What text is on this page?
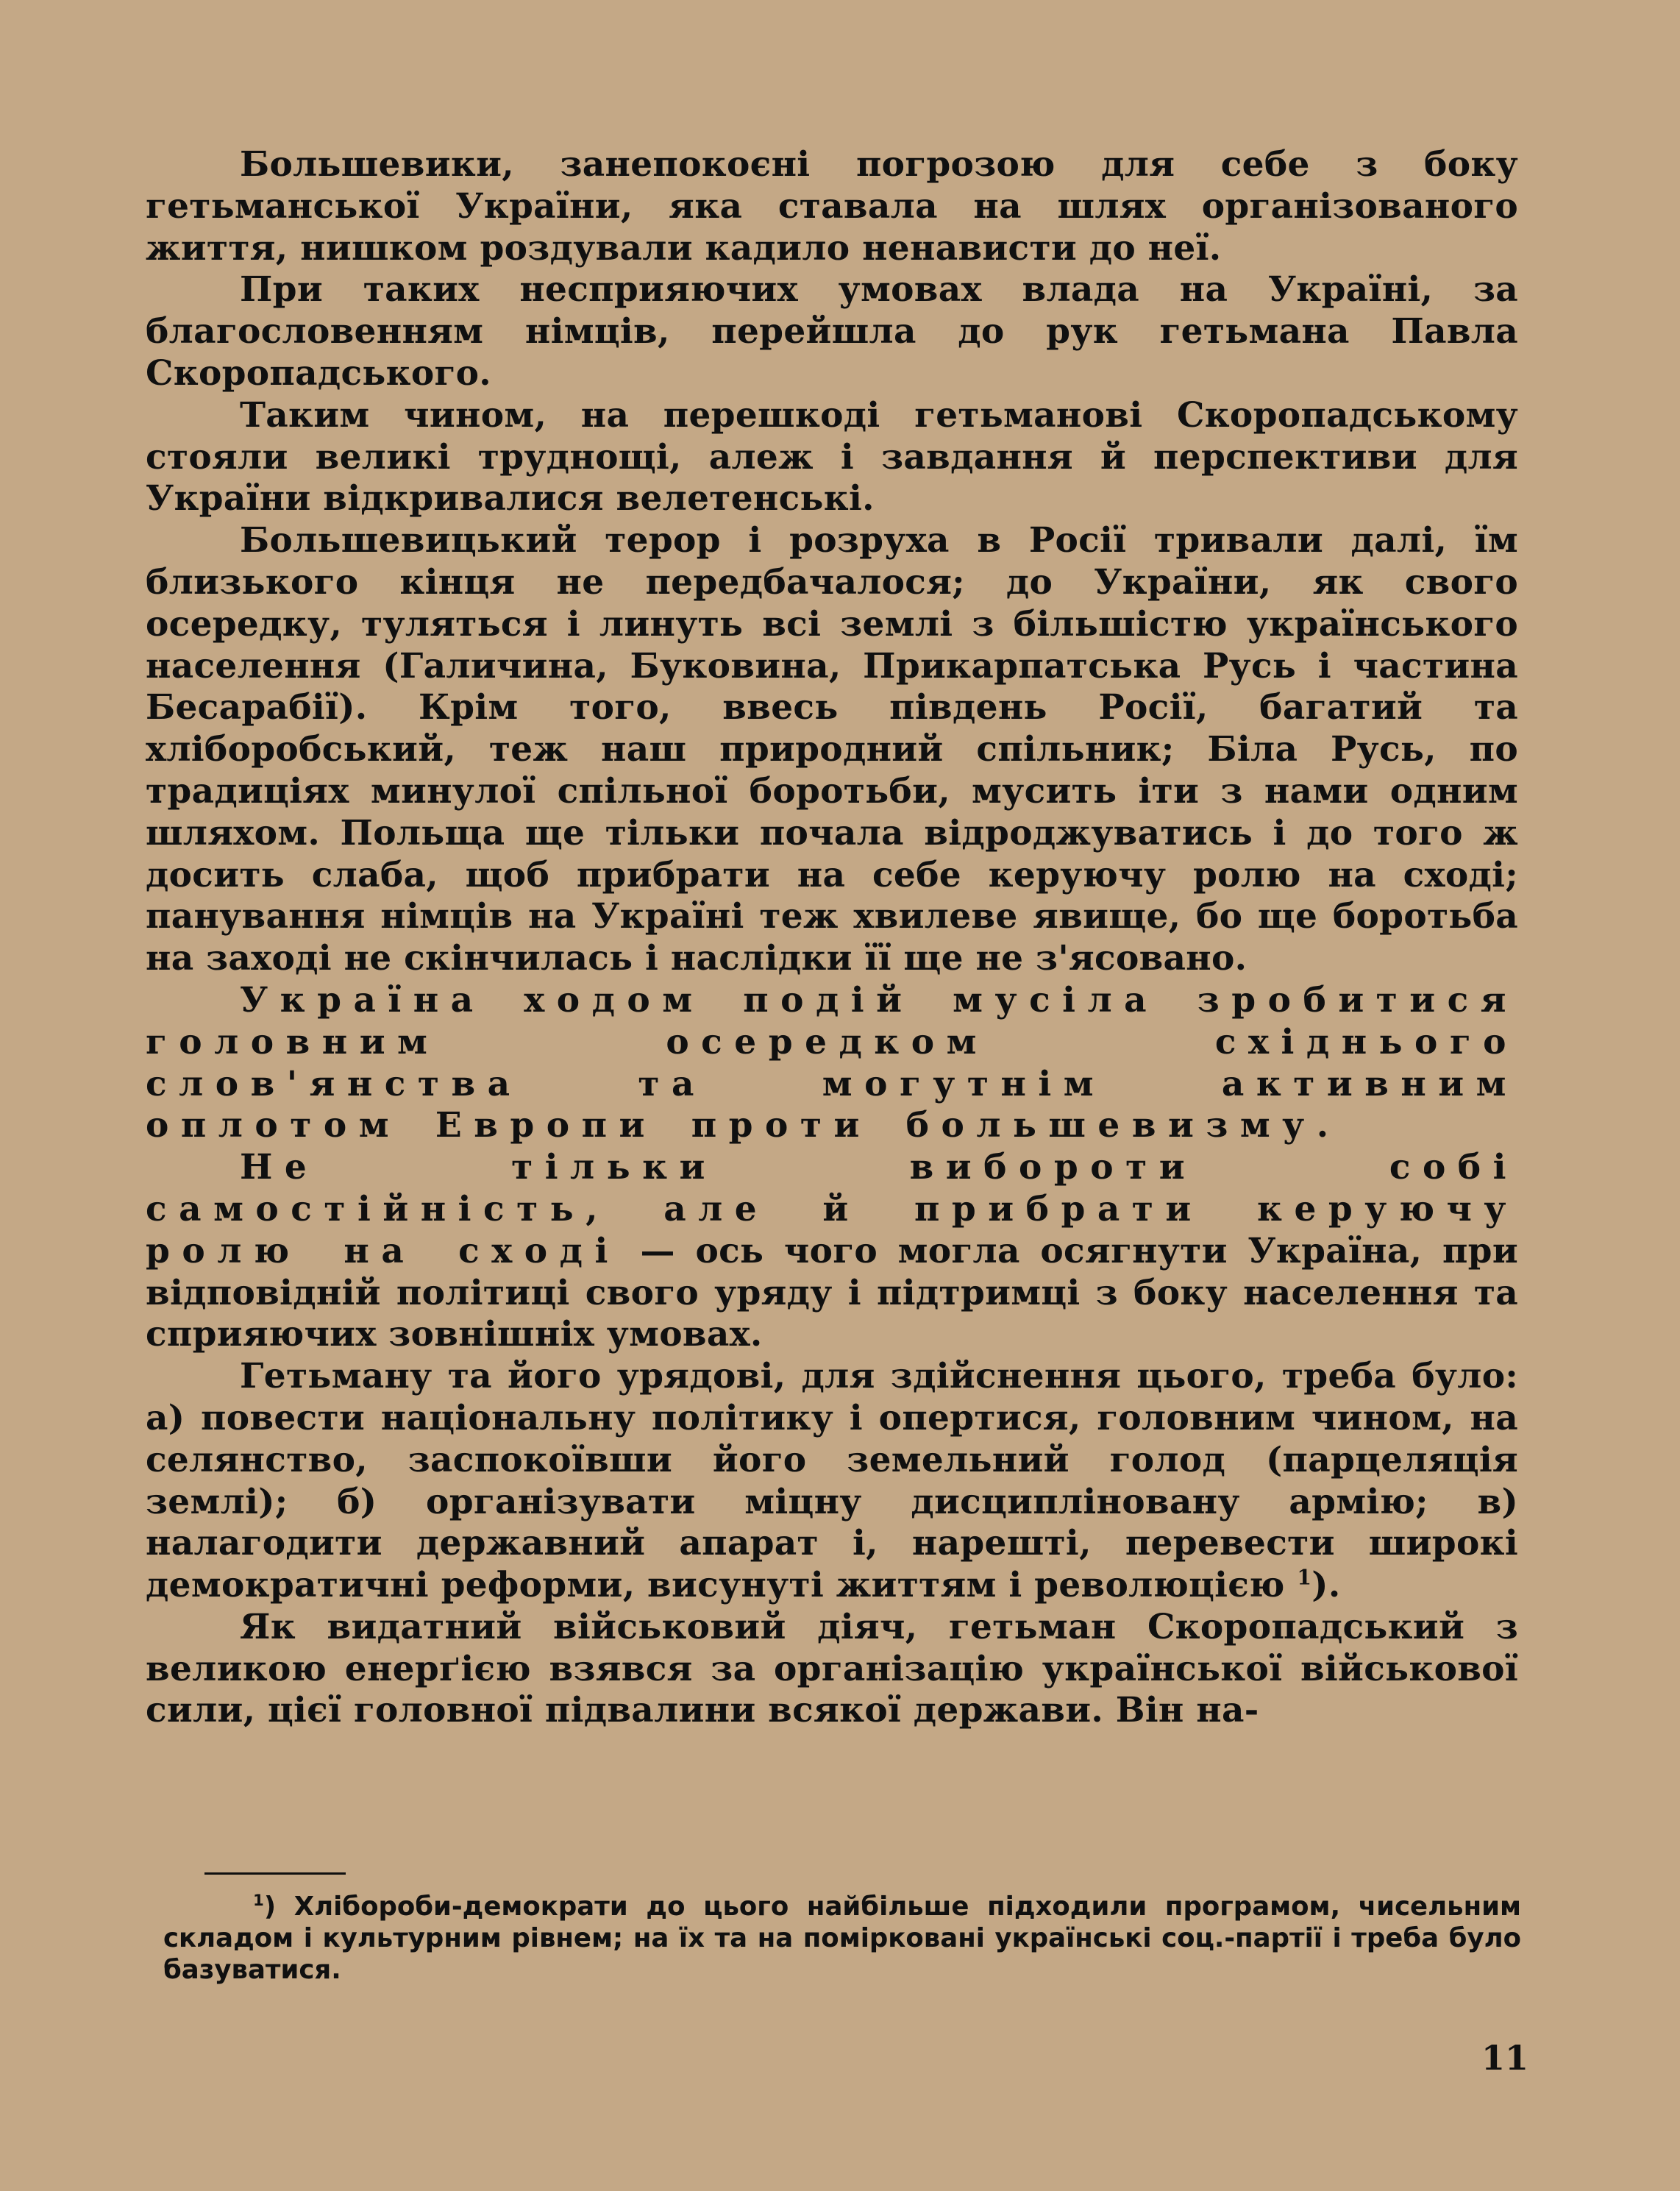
Большевики, занепокоєні погрозою для себе з боку гетьманської України, яка ставала на шлях організованого життя, нишком роздували кадило ненависти до неї.

При таких несприяючих умовах влада на Україні, за благословенням німців, перейшла до рук гетьмана Павла Скоропадського.

Таким чином, на перешкоді гетьманові Скоропадському стояли великі труднощі, алеж і завдання й перспективи для України відкривалися велетенські.

Большевицький терор і розруха в Росії тривали далі, їм близького кінця не передбачалося; до України, як свого осередку, туляться і линуть всі землі з більшістю українського населення (Галичина, Буковина, Прикарпатська Русь і частина Бесарабії). Крім того, ввесь південь Росії, багатий та хліборобський, теж наш природний спільник; Біла Русь, по традиціях минулої спільної боротьби, мусить іти з нами одним шляхом. Польща ще тільки почала відроджуватись і до того ж досить слаба, щоб прибрати на себе керуючу ролю на сході; панування німців на Україні теж хвилеве явище, бо ще боротьба на заході не скінчилась і наслідки її ще не з'ясовано.

Україна ходом подій мусіла зробитися головним осередком східнього слов'янства та могутнім активним оплотом Европи проти большевизму.

Не тільки вибороти собі самостійність, але й прибрати керуючу ролю на сході — ось чого могла осягнути Україна, при відповідній політиці свого уряду і підтримці з боку населення та сприяючих зовнішніх умовах.

Гетьману та його урядові, для здійснення цього, треба було: а) повести національну політику і опертися, головним чином, на селянство, заспокоївши його земельний голод (парцеляція землі); б) організувати міцну дисципліновану армію; в) налагодити державний апарат і, нарешті, перевести широкі демократичні реформи, висунуті життям і революцією $^1$).

Як видатний військовий діяч, гетьман Скоропадський з великою енерґією взявся за організацію української військової сили, цієї головної підвалини всякої держави. Він на-

$^1$) Хлібороби-демократи до цього найбільше підходили програмом, чисельним складом і культурним рівнем; на їх та на помірковані українські соц.-партії і треба було базуватися.

11
